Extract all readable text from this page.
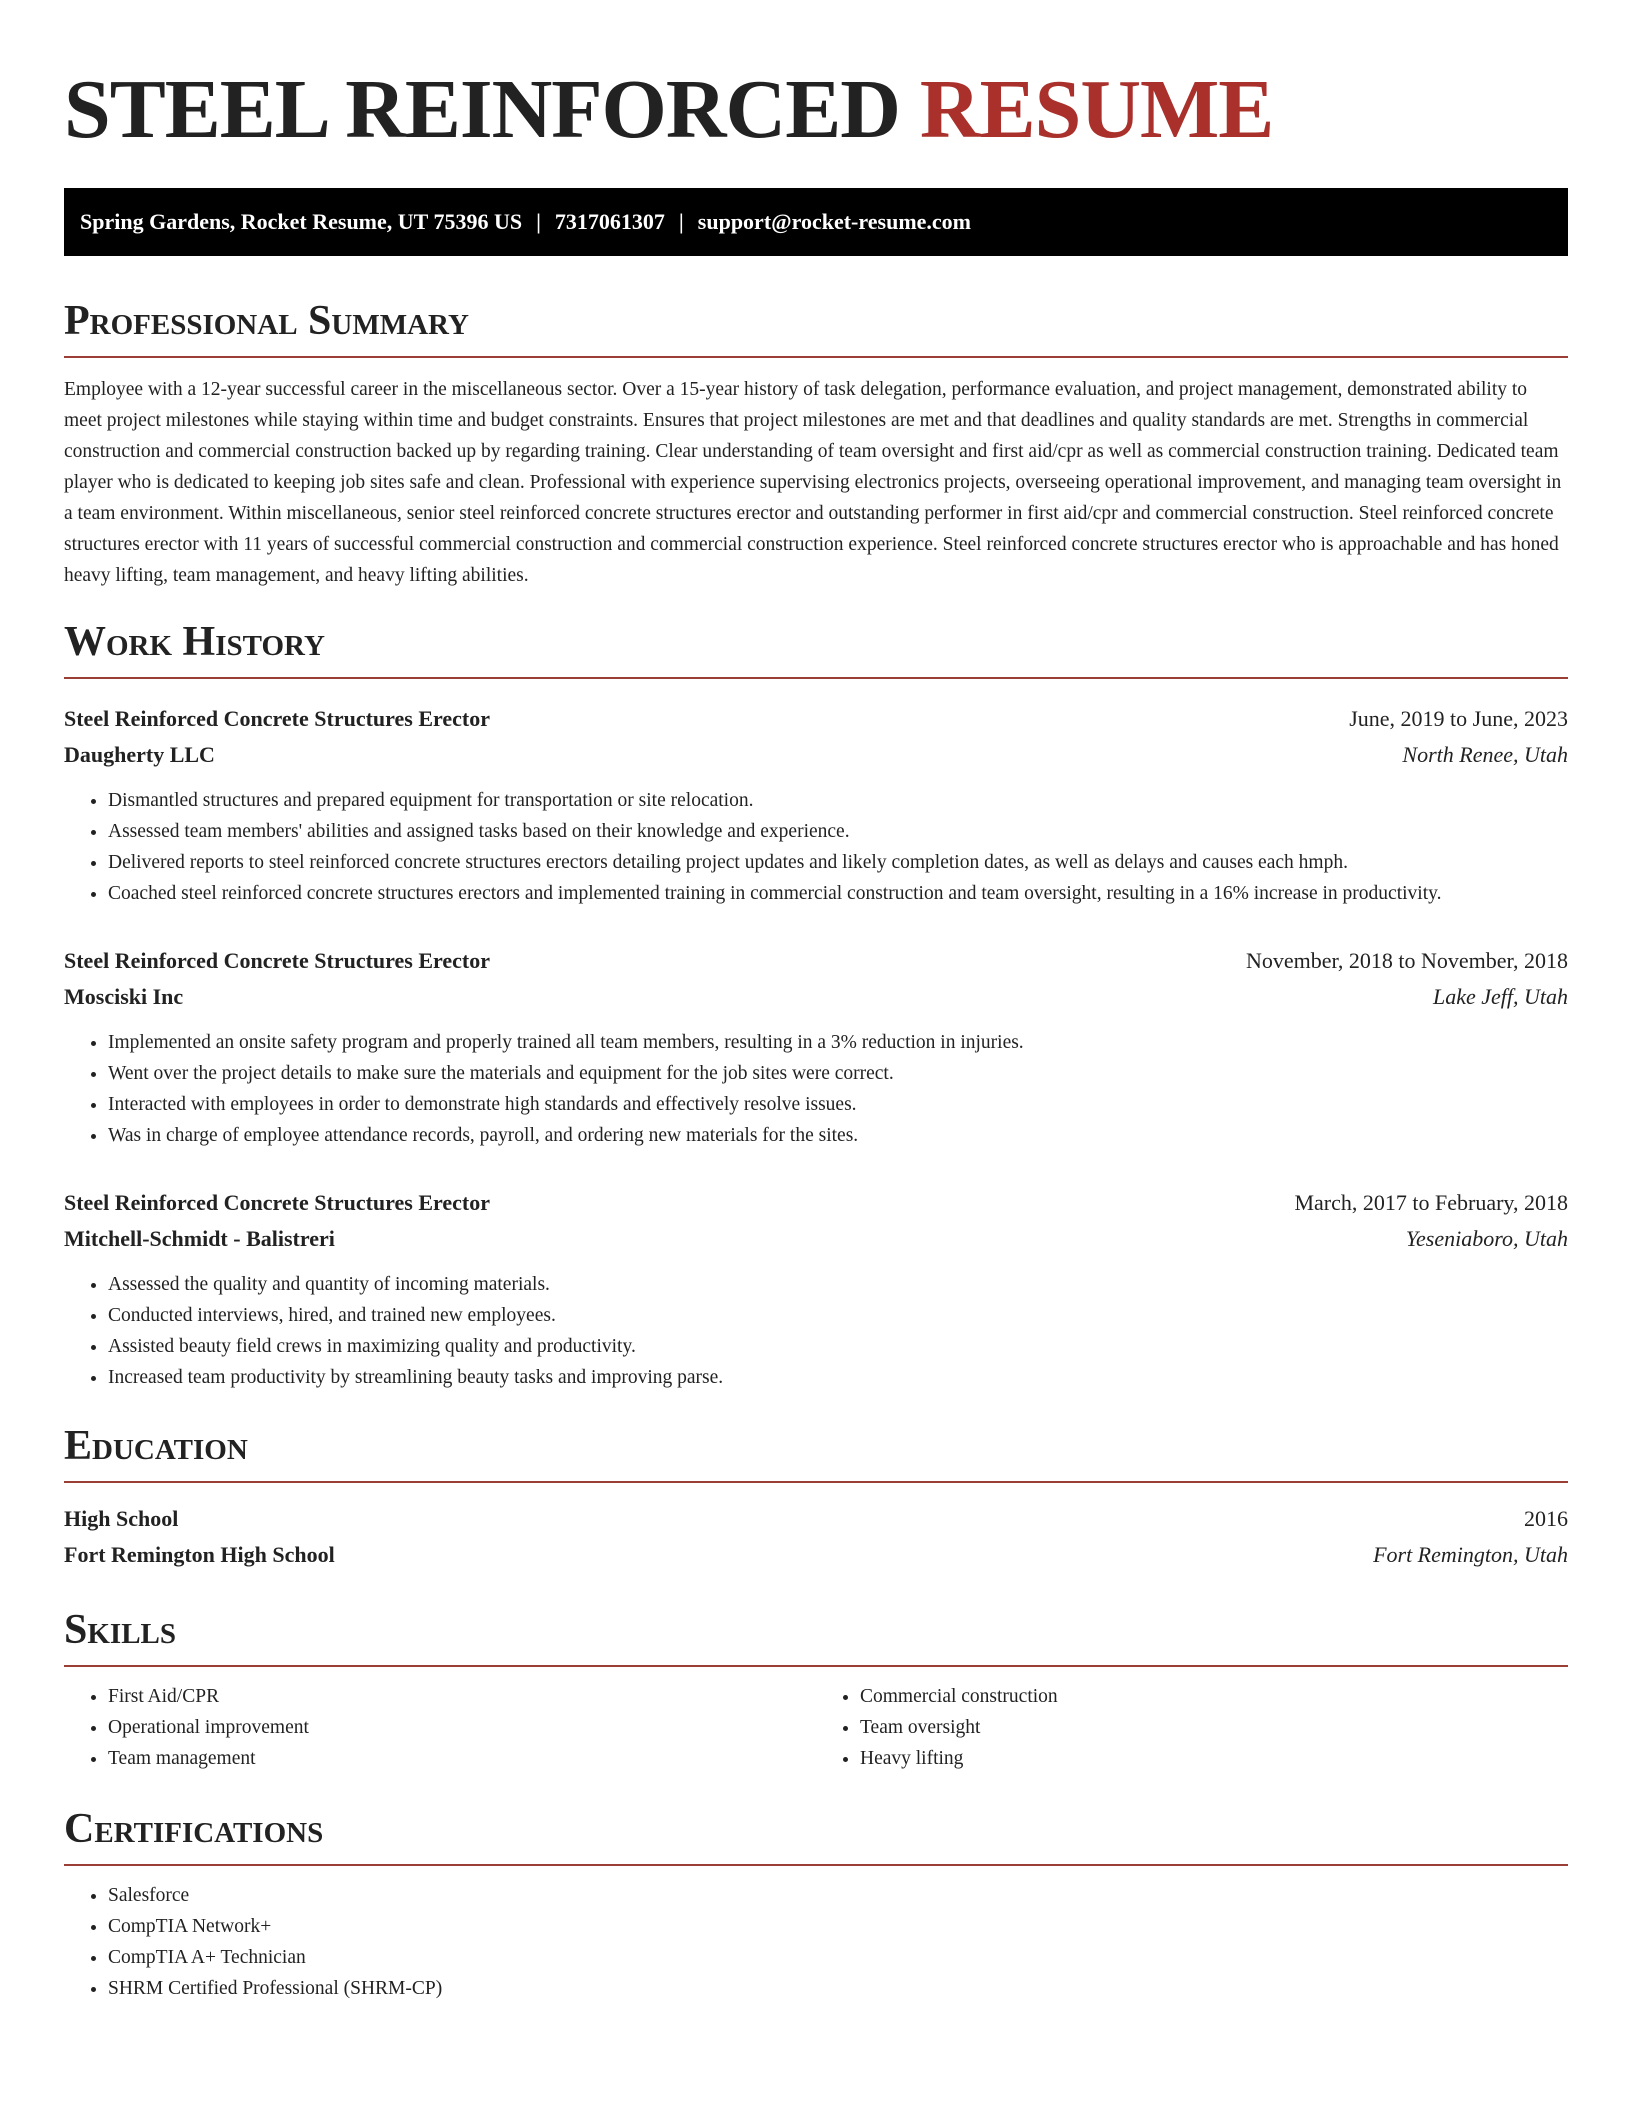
STEEL REINFORCED RESUME
Spring Gardens, Rocket Resume, UT 75396 US | 7317061307 | support@rocket-resume.com
Professional Summary
Employee with a 12-year successful career in the miscellaneous sector. Over a 15-year history of task delegation, performance evaluation, and project management, demonstrated ability to meet project milestones while staying within time and budget constraints. Ensures that project milestones are met and that deadlines and quality standards are met. Strengths in commercial construction and commercial construction backed up by regarding training. Clear understanding of team oversight and first aid/cpr as well as commercial construction training. Dedicated team player who is dedicated to keeping job sites safe and clean. Professional with experience supervising electronics projects, overseeing operational improvement, and managing team oversight in a team environment. Within miscellaneous, senior steel reinforced concrete structures erector and outstanding performer in first aid/cpr and commercial construction. Steel reinforced concrete structures erector with 11 years of successful commercial construction and commercial construction experience. Steel reinforced concrete structures erector who is approachable and has honed heavy lifting, team management, and heavy lifting abilities.
Work History
Steel Reinforced Concrete Structures Erector	June, 2019 to June, 2023
Daugherty LLC	North Renee, Utah
• Dismantled structures and prepared equipment for transportation or site relocation.
• Assessed team members' abilities and assigned tasks based on their knowledge and experience.
• Delivered reports to steel reinforced concrete structures erectors detailing project updates and likely completion dates, as well as delays and causes each hmph.
• Coached steel reinforced concrete structures erectors and implemented training in commercial construction and team oversight, resulting in a 16% increase in productivity.
Steel Reinforced Concrete Structures Erector	November, 2018 to November, 2018
Mosciski Inc	Lake Jeff, Utah
• Implemented an onsite safety program and properly trained all team members, resulting in a 3% reduction in injuries.
• Went over the project details to make sure the materials and equipment for the job sites were correct.
• Interacted with employees in order to demonstrate high standards and effectively resolve issues.
• Was in charge of employee attendance records, payroll, and ordering new materials for the sites.
Steel Reinforced Concrete Structures Erector	March, 2017 to February, 2018
Mitchell-Schmidt - Balistreri	Yeseniaboro, Utah
• Assessed the quality and quantity of incoming materials.
• Conducted interviews, hired, and trained new employees.
• Assisted beauty field crews in maximizing quality and productivity.
• Increased team productivity by streamlining beauty tasks and improving parse.
Education
High School	2016
Fort Remington High School	Fort Remington, Utah
Skills
• First Aid/CPR
• Operational improvement
• Team management
• Commercial construction
• Team oversight
• Heavy lifting
Certifications
• Salesforce
• CompTIA Network+
• CompTIA A+ Technician
• SHRM Certified Professional (SHRM-CP)
